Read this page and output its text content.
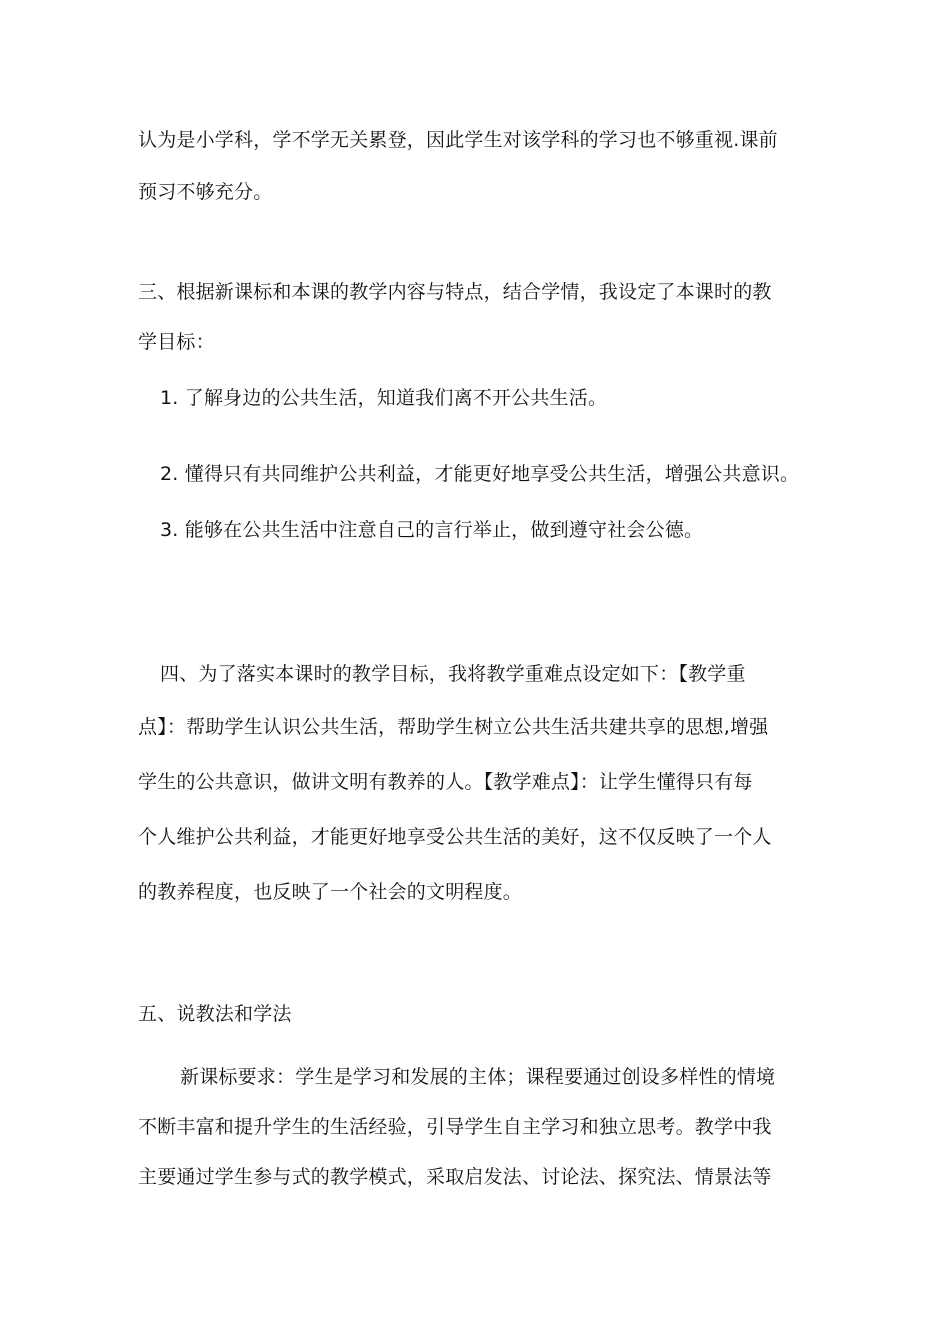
认为是小学科，学不学无关累登，因此学生对该学科的学习也不够重视.课前
预习不够充分。
三、根据新课标和本课的教学内容与特点，结合学情，我设定了本课时的教
学目标：
1. 了解身边的公共生活，知道我们离不开公共生活。
2. 懂得只有共同维护公共利益，才能更好地享受公共生活，增强公共意识。
3. 能够在公共生活中注意自己的言行举止，做到遵守社会公德。
四、为了落实本课时的教学目标，我将教学重难点设定如下：【教学重
点】：帮助学生认识公共生活，帮助学生树立公共生活共建共享的思想,增强
学生的公共意识，做讲文明有教养的人。【教学难点】：让学生懂得只有每
个人维护公共利益，才能更好地享受公共生活的美好，这不仅反映了一个人
的教养程度，也反映了一个社会的文明程度。
五、说教法和学法
新课标要求：学生是学习和发展的主体；课程要通过创设多样性的情境
不断丰富和提升学生的生活经验，引导学生自主学习和独立思考。教学中我
主要通过学生参与式的教学模式，采取启发法、讨论法、探究法、情景法等
